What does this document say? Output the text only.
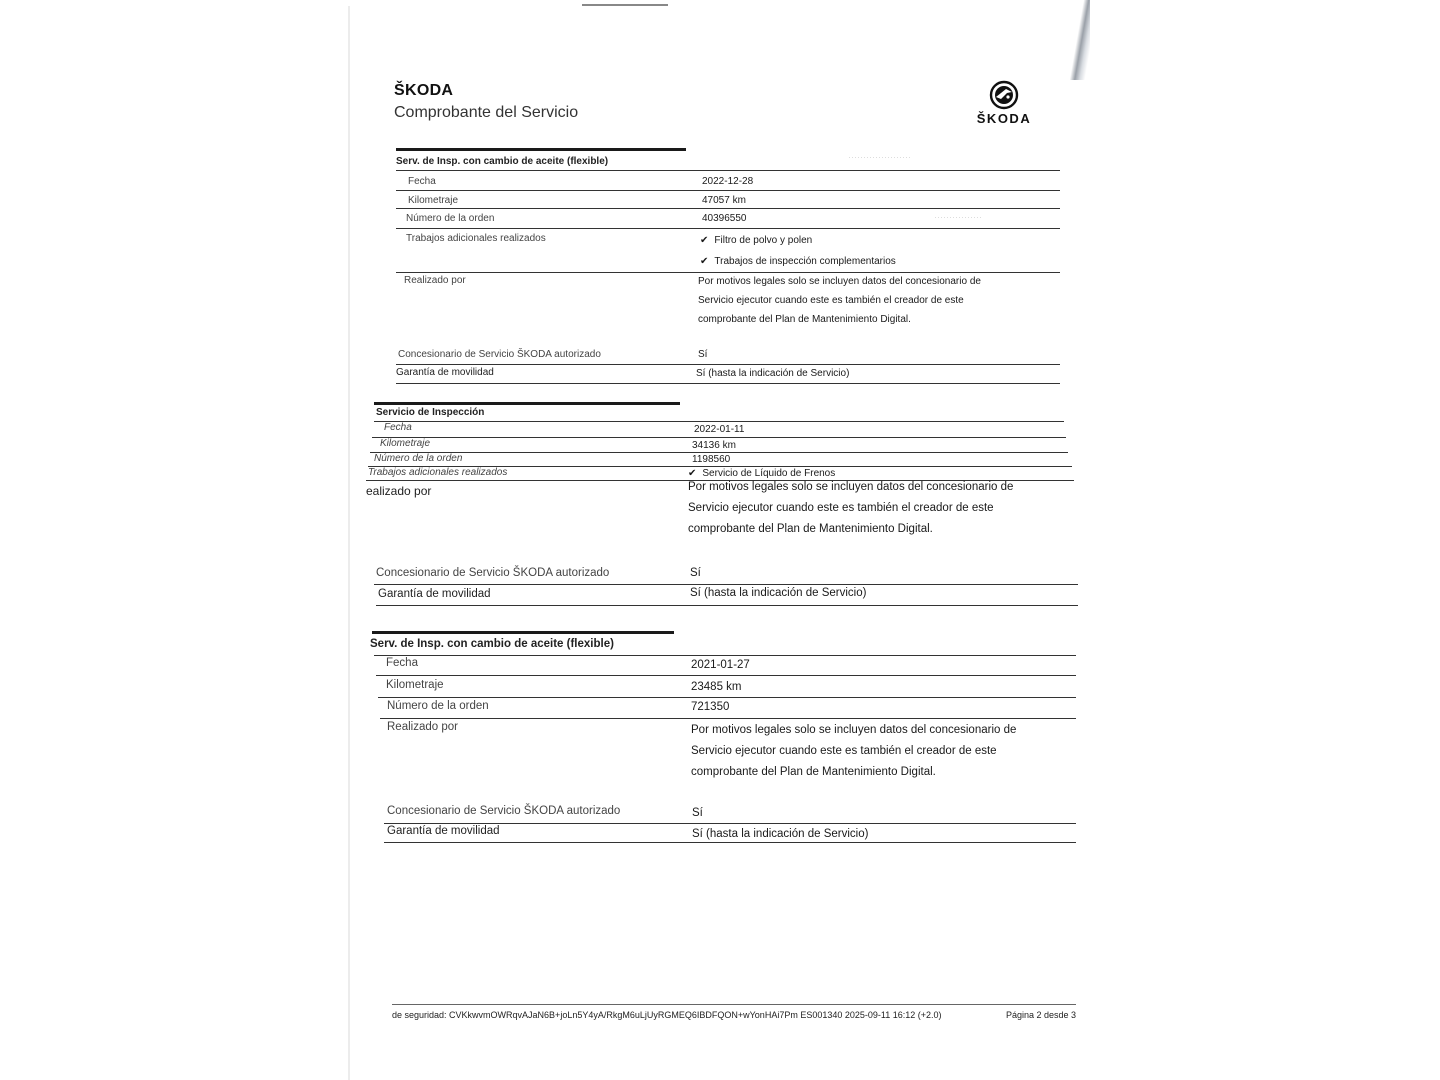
ŠKODA
Comprobante del Servicio	ŠKODA
·····················
················
Serv. de Insp. con cambio de aceite (flexible)
Fecha	2022-12-28
Kilometraje	47057 km
Número de la orden	40396550
Trabajos adicionales realizados	✔ Filtro de polvo y polen
✔ Trabajos de inspección complementarios
Realizado por	Por motivos legales solo se incluyen datos del concesionario de
Servicio ejecutor cuando este es también el creador de este
comprobante del Plan de Mantenimiento Digital.
Concesionario de Servicio ŠKODA autorizado	Sí
Garantía de movilidad	Sí (hasta la indicación de Servicio)
Servicio de Inspección
Fecha	2022-01-11
Kilometraje	34136 km
Número de la orden	1198560
Trabajos adicionales realizados	✔ Servicio de Líquido de Frenos
ealizado por	Por motivos legales solo se incluyen datos del concesionario de
Servicio ejecutor cuando este es también el creador de este
comprobante del Plan de Mantenimiento Digital.
Concesionario de Servicio ŠKODA autorizado	Sí
Garantía de movilidad	Sí (hasta la indicación de Servicio)
Serv. de Insp. con cambio de aceite (flexible)
Fecha	2021-01-27
Kilometraje	23485 km
Número de la orden	721350
Realizado por	Por motivos legales solo se incluyen datos del concesionario de
Servicio ejecutor cuando este es también el creador de este
comprobante del Plan de Mantenimiento Digital.
Concesionario de Servicio ŠKODA autorizado	Sí
Garantía de movilidad	Sí (hasta la indicación de Servicio)
de seguridad: CVKkwvmOWRqvAJaN6B+joLn5Y4yA/RkgM6uLjUyRGMEQ6IBDFQON+wYonHAi7Pm ES001340 2025-09-11 16:12 (+2.0)	Página 2 desde 3
